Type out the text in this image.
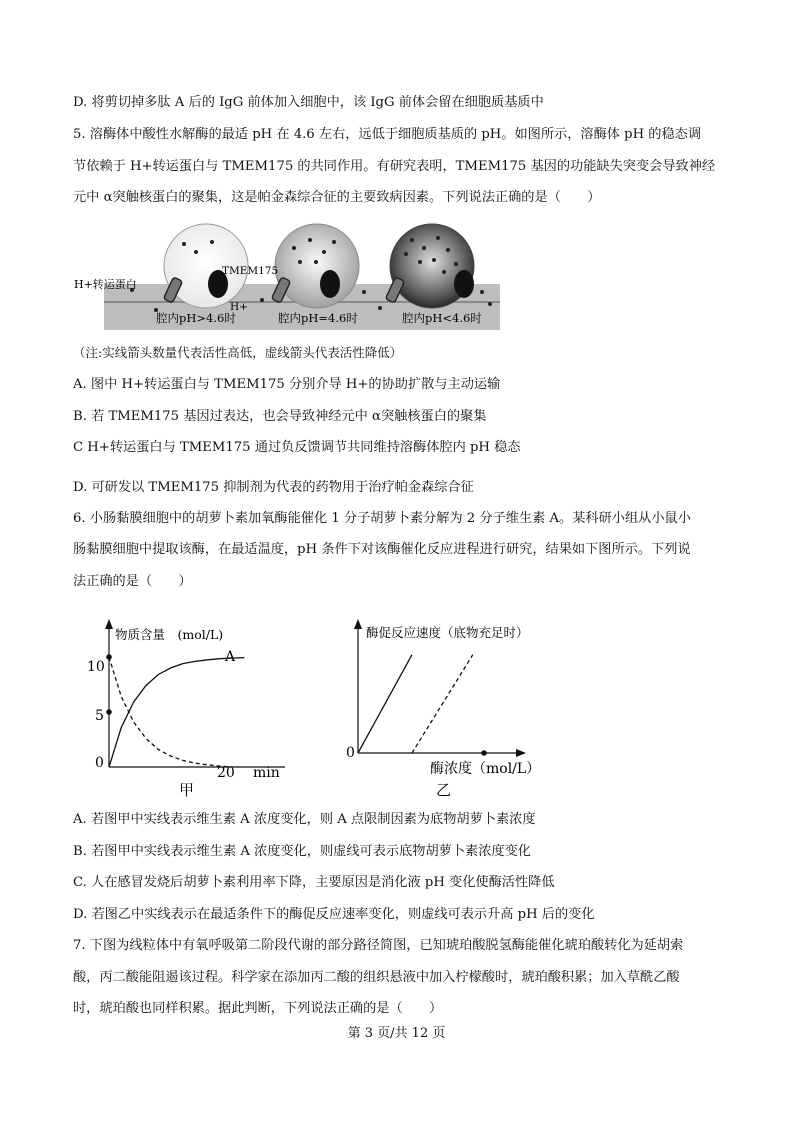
D. 将剪切掉多肽 A 后的 IgG 前体加入细胞中，该 IgG 前体会留在细胞质基质中
5. 溶酶体中酸性水解酶的最适 pH 在 4.6 左右，远低于细胞质基质的 pH。如图所示，溶酶体 pH 的稳态调
节依赖于 H+转运蛋白与 TMEM175 的共同作用。有研究表明，TMEM175 基因的功能缺失突变会导致神经
元中 α突触核蛋白的聚集，这是帕金森综合征的主要致病因素。下列说法正确的是（　　）
H+转运蛋白
TMEM175
H+
腔内pH>4.6时	腔内pH=4.6时	腔内pH<4.6时
（注:实线箭头数量代表活性高低，虚线箭头代表活性降低）
A. 图中 H+转运蛋白与 TMEM175 分别介导 H+的协助扩散与主动运输
B. 若 TMEM175 基因过表达，也会导致神经元中 α突触核蛋白的聚集
C H+转运蛋白与 TMEM175 通过负反馈调节共同维持溶酶体腔内 pH 稳态
D. 可研发以 TMEM175 抑制剂为代表的药物用于治疗帕金森综合征
6. 小肠黏膜细胞中的胡萝卜素加氧酶能催化 1 分子胡萝卜素分解为 2 分子维生素 A。某科研小组从小鼠小
肠黏膜细胞中提取该酶，在最适温度，pH 条件下对该酶催化反应进程进行研究，结果如下图所示。下列说
法正确的是（　　）
物质含量　(mol/L)
0
10
5
20 min
A
甲
酶促反应速度（底物充足时）
0
酶浓度（mol/L）
乙
A. 若图甲中实线表示维生素 A 浓度变化，则 A 点限制因素为底物胡萝卜素浓度
B. 若图甲中实线表示维生素 A 浓度变化，则虚线可表示底物胡萝卜素浓度变化
C. 人在感冒发烧后胡萝卜素利用率下降，主要原因是消化液 pH 变化使酶活性降低
D. 若图乙中实线表示在最适条件下的酶促反应速率变化，则虚线可表示升高 pH 后的变化
7. 下图为线粒体中有氧呼吸第二阶段代谢的部分路径简图，已知琥珀酸脱氢酶能催化琥珀酸转化为延胡索
酸，丙二酸能阻遏该过程。科学家在添加丙二酸的组织悬液中加入柠檬酸时，琥珀酸积累；加入草酰乙酸
时，琥珀酸也同样积累。据此判断，下列说法正确的是（　　）
第 3 页/共 12 页
